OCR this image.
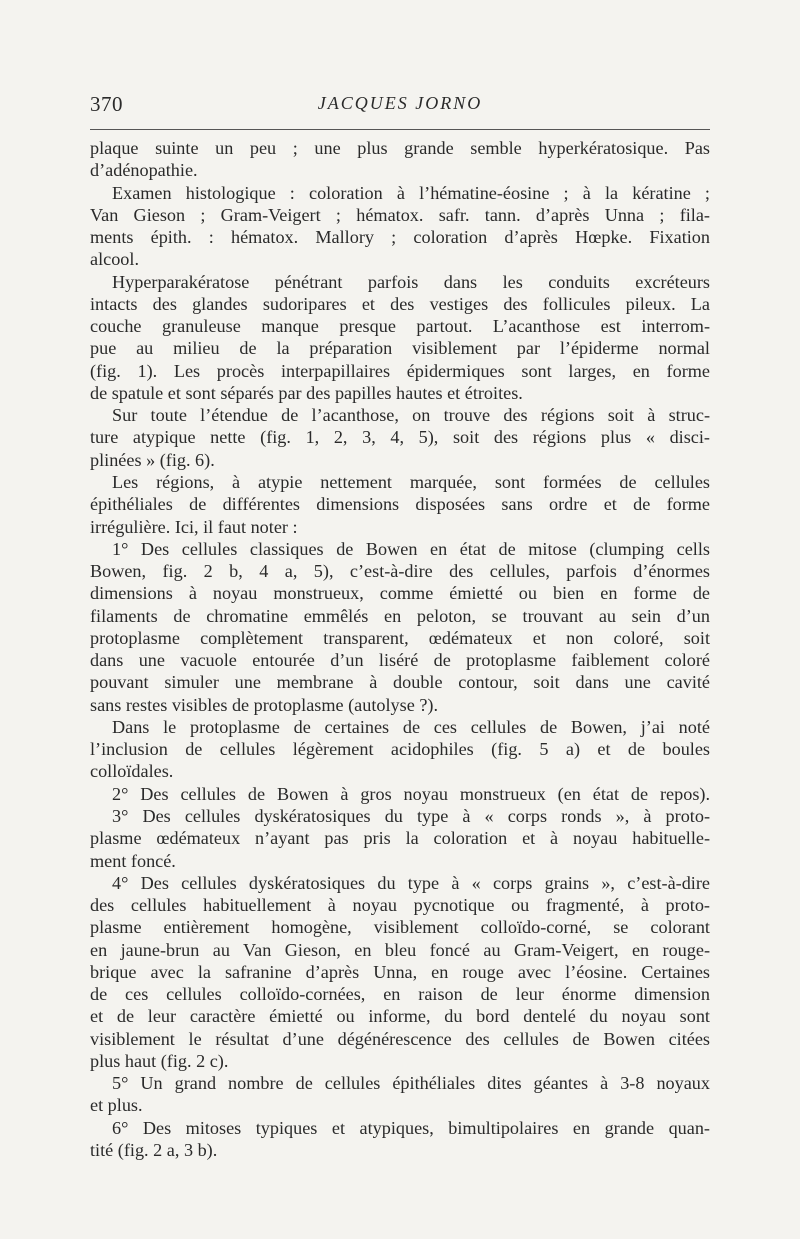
370	JACQUES JORNO
plaque suinte un peu ; une plus grande semble hyperkératosique. Pas
d’adénopathie.
Examen histologique : coloration à l’hématine-éosine ; à la kératine ;
Van Gieson ; Gram-Veigert ; hématox. safr. tann. d’après Unna ; fila-
ments épith. : hématox. Mallory ; coloration d’après Hœpke. Fixation
alcool.
Hyperparakératose pénétrant parfois dans les conduits excréteurs
intacts des glandes sudoripares et des vestiges des follicules pileux. La
couche granuleuse manque presque partout. L’acanthose est interrom-
pue au milieu de la préparation visiblement par l’épiderme normal
(fig. 1). Les procès interpapillaires épidermiques sont larges, en forme
de spatule et sont séparés par des papilles hautes et étroites.
Sur toute l’étendue de l’acanthose, on trouve des régions soit à struc-
ture atypique nette (fig. 1, 2, 3, 4, 5), soit des régions plus « disci-
plinées » (fig. 6).
Les régions, à atypie nettement marquée, sont formées de cellules
épithéliales de différentes dimensions disposées sans ordre et de forme
irrégulière. Ici, il faut noter :
1° Des cellules classiques de Bowen en état de mitose (clumping cells
Bowen, fig. 2 b, 4 a, 5), c’est-à-dire des cellules, parfois d’énormes
dimensions à noyau monstrueux, comme émietté ou bien en forme de
filaments de chromatine emmêlés en peloton, se trouvant au sein d’un
protoplasme complètement transparent, œdémateux et non coloré, soit
dans une vacuole entourée d’un liséré de protoplasme faiblement coloré
pouvant simuler une membrane à double contour, soit dans une cavité
sans restes visibles de protoplasme (autolyse ?).
Dans le protoplasme de certaines de ces cellules de Bowen, j’ai noté
l’inclusion de cellules légèrement acidophiles (fig. 5 a) et de boules
colloïdales.
2° Des cellules de Bowen à gros noyau monstrueux (en état de repos).
3° Des cellules dyskératosiques du type à « corps ronds », à proto-
plasme œdémateux n’ayant pas pris la coloration et à noyau habituelle-
ment foncé.
4° Des cellules dyskératosiques du type à « corps grains », c’est-à-dire
des cellules habituellement à noyau pycnotique ou fragmenté, à proto-
plasme entièrement homogène, visiblement colloïdo-corné, se colorant
en jaune-brun au Van Gieson, en bleu foncé au Gram-Veigert, en rouge-
brique avec la safranine d’après Unna, en rouge avec l’éosine. Certaines
de ces cellules colloïdo-cornées, en raison de leur énorme dimension
et de leur caractère émietté ou informe, du bord dentelé du noyau sont
visiblement le résultat d’une dégénérescence des cellules de Bowen citées
plus haut (fig. 2 c).
5° Un grand nombre de cellules épithéliales dites géantes à 3-8 noyaux
et plus.
6° Des mitoses typiques et atypiques, bimultipolaires en grande quan-
tité (fig. 2 a, 3 b).
